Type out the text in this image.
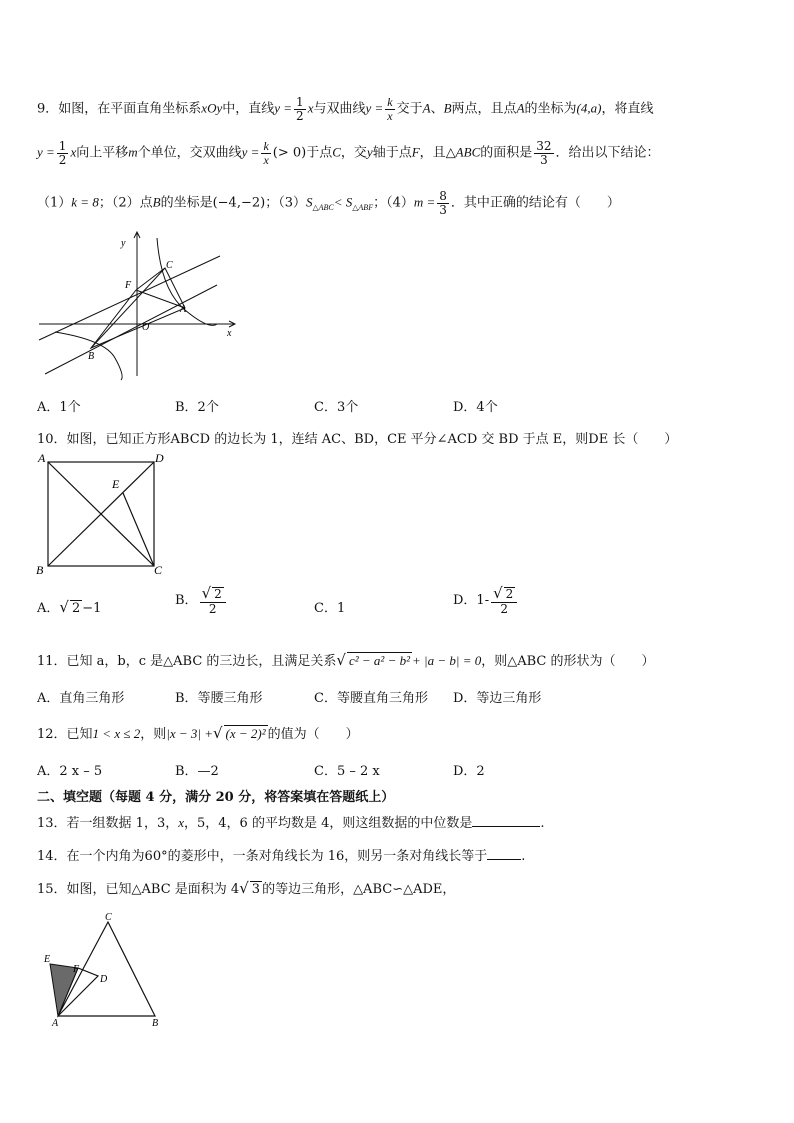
9．如图，在平面直角坐标系xOy中，直线$y = \frac{1}{2}$ x与双曲线$y = \frac{k}{x}$ 交于A、B两点，且点A的坐标为(4,a)，将直线
$y = \frac{1}{2}$ x向上平移m个单位，交双曲线$y = \frac{k}{x}$ (> 0)于点C，交y轴于点F，且△ABC的面积是 $\frac{32}{3}$ ．给出以下结论：
（1）k = 8；（2）点B的坐标是(−4,−2)；$(3)S_{\triangle ABC}< S_{\triangle ABF}$；$(4)m = \frac{8}{3}$ ．其中正确的结论有（　　）
y
x
O
F
C
A
B
A．1个	B．2个	C．3个	D．4个
10．如图，已知正方形ABCD 的边长为 1，连结 AC、BD，CE 平分∠ACD 交 BD 于点 E，则DE 长（　　）
A	D
E
B	C
A．√ 2 −1
B． $\frac{√ 2}{2}$	C．1
D．$1- \frac{√ 2}{2}$
11．已知 a，b，c 是△ABC 的三边长，且满足关系√ c² − a² − b² + |a − b| = 0，则△ABC 的形状为（　　）
A．直角三角形	B．等腰三角形	C．等腰直角三角形 D．等边三角形
12．已知1 < x ≤ 2，则|x − 3| +√ (x − 2)² 的值为（　　）
A．2 x – 5	B．—2	C．5 – 2 x	D．2
二、填空题（每题 4 分，满分 20 分，将答案填在答题纸上）
13．若一组数据 1，3，x，5，4，6 的平均数是 4，则这组数据的中位数是	.
14．在一个内角为60°的菱形中，一条对角线长为 16，则另一条对角线长等于	.
15．如图，已知△ABC 是面积为 4√ 3 的等边三角形，△ABC∽△ADE，
C
E
F
D
A	B
